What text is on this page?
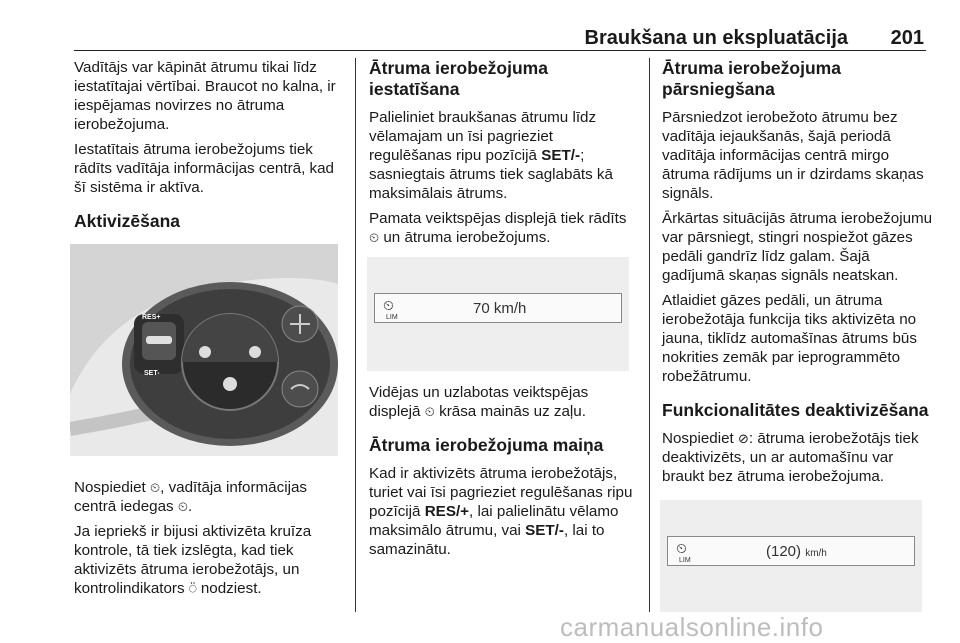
Braukšana un ekspluatācija 201

Vadītājs var kāpināt ātrumu tikai līdz iestatītajai vērtībai. Braucot no kalna, ir iespējamas novirzes no ātruma ierobežojuma.

Iestatītais ātruma ierobežojums tiek rādīts vadītāja informācijas centrā, kad šī sistēma ir aktīva.

Aktivizēšana
RES+
SET-

Nospiediet ⏲, vadītāja informācijas centrā iedegas ⏲.

Ja iepriekš ir bijusi aktivizēta kruīza kontrole, tā tiek izslēgta, kad tiek aktivizēts ātruma ierobežotājs, un kontrolindikators ⍥ nodziest.

Ātruma ierobežojuma iestatīšana

Palieliniet braukšanas ātrumu līdz vēlamajam un īsi pagrieziet regulēšanas ripu pozīcijā SET/-; sasniegtais ātrums tiek saglabāts kā maksimālais ātrums.

Pamata veiktspējas displejā tiek rādīts ⏲ un ātruma ierobežojums.

⏲
LIM
70 km/h

Vidējas un uzlabotas veiktspējas displejā ⏲ krāsa mainās uz zaļu.

Ātruma ierobežojuma maiņa

Kad ir aktivizēts ātruma ierobežotājs, turiet vai īsi pagrieziet regulēšanas ripu pozīcijā RES/+, lai palielinātu vēlamo maksimālo ātrumu, vai SET/-, lai to samazinātu.

Ātruma ierobežojuma pārsniegšana

Pārsniedzot ierobežoto ātrumu bez vadītāja iejaukšanās, šajā periodā vadītāja informācijas centrā mirgo ātruma rādījums un ir dzirdams skaņas signāls.

Ārkārtas situācijās ātruma ierobežojumu var pārsniegt, stingri nospiežot gāzes pedāli gandrīz līdz galam. Šajā gadījumā skaņas signāls neatskan.

Atlaidiet gāzes pedāli, un ātruma ierobežotāja funkcija tiks aktivizēta no jauna, tiklīdz automašīnas ātrums būs nokrities zemāk par ieprogrammēto robežātrumu.

Funkcionalitātes deaktivizēšana

Nospiediet ⊘: ātruma ierobežotājs tiek deaktivizēts, un ar automašīnu var braukt bez ātruma ierobežojuma.

⏲
LIM
(120) km/h
carmanualsonline.info
